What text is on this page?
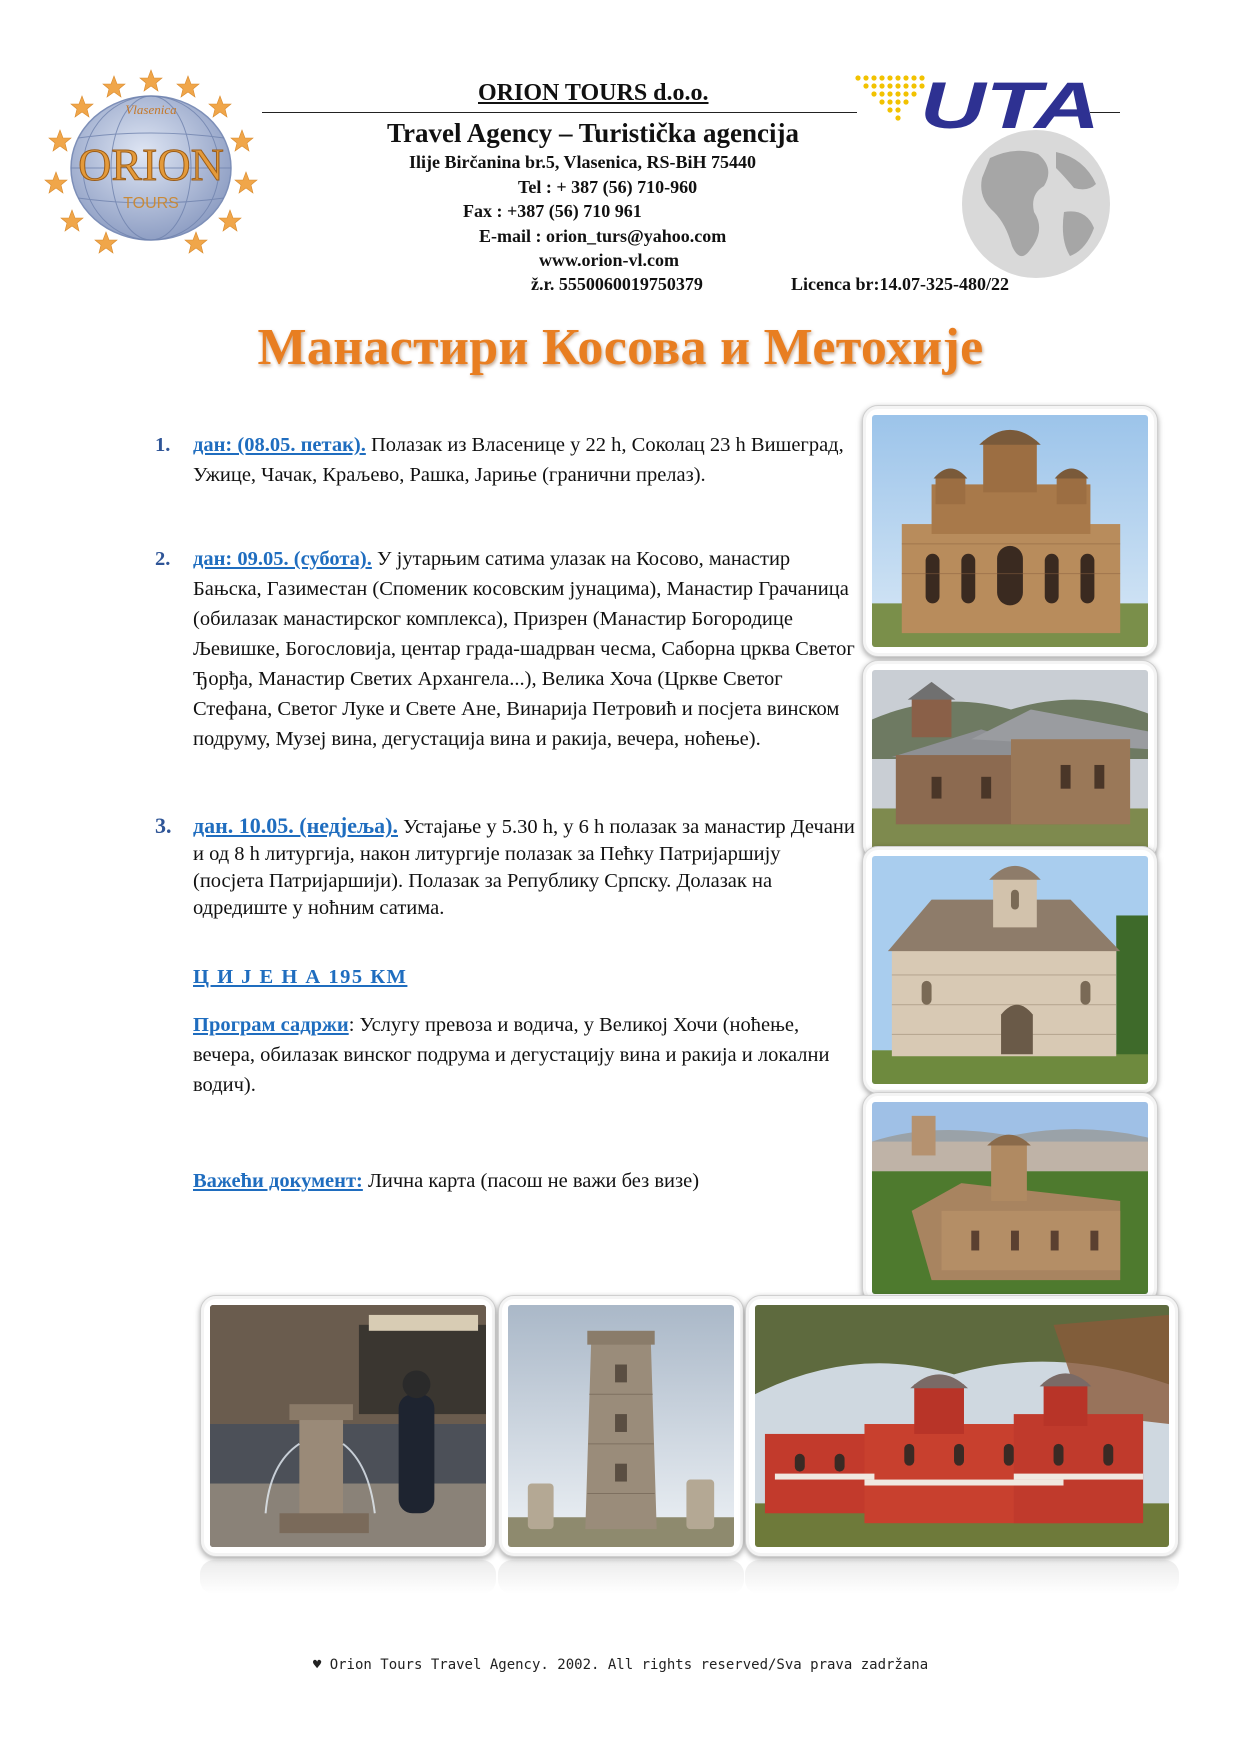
Vlasenica
ORION
TOURS
UTA
ORION TOURS d.o.o.
Travel Agency – Turistička agencija
Ilije Birčanina br.5, Vlasenica, RS-BiH 75440
Tel : + 387 (56) 710-960
Fax : +387 (56) 710 961
E-mail : orion_turs@yahoo.com
www.orion-vl.com
ž.r. 5550060019750379	Licenca br:14.07-325-480/22
Манастири Косова и Метохије
1. дан: (08.05. петак). Полазак из Власенице у 22 h, Соколац 23 h Вишеград, Ужице, Чачак, Краљево, Рашка, Јариње (гранични прелаз).
2. дан: 09.05. (субота). У јутарњим сатима улазак на Косово, манастир Бањска, Газиместан (Споменик косовским јунацима), Манастир Грачаница (обилазак манастирског комплекса), Призрен (Манастир Богородице Љевишке, Богословија, центар града-шадрван чесма, Саборна црква Светог Ђорђа, Манастир Светих Архангела...), Велика Хоча (Цркве Светог Стефана, Светог Луке и Свете Ане, Винарија Петровић и посјета винском подруму, Музеј вина, дегустација вина и ракија, вечера, ноћење).
3. дан. 10.05. (недјеља). Устајање у 5.30 h, у 6 h полазак за манастир Дечани и од 8 h литургија, након литургије полазак за Пећку Патријаршију (посјета Патријаршији). Полазак за Републику Српску. Долазак на одредиште у ноћним сатима.
Ц И Ј Е Н А 195 КМ
Програм садржи: Услугу превоза и водича, у Великој Хочи (ноћење, вечера, обилазак винског подрума и дегустацију вина и ракија и локални водич).
Важећи документ: Лична карта (пасош не важи без визе)
♥ Orion Tours Travel Agency. 2002. All rights reserved/Sva prava zadržana
